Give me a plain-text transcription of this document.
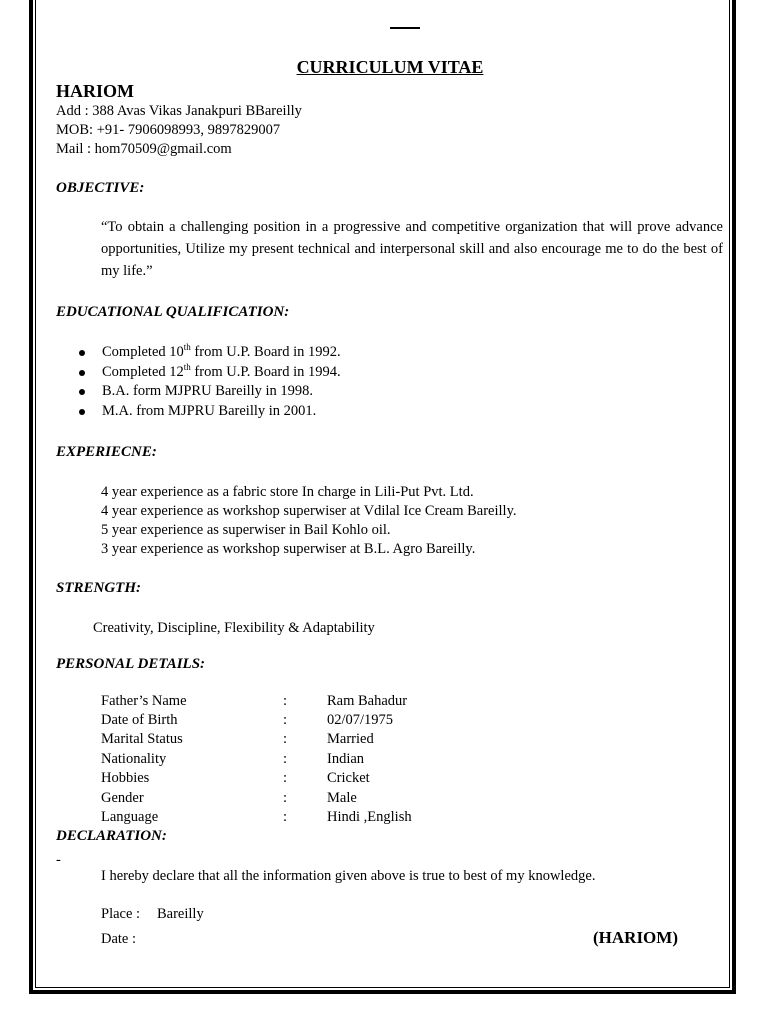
CURRICULUM VITAE
HARIOM
Add : 388 Avas Vikas Janakpuri BBareilly
MOB: +91- 7906098993, 9897829007
Mail : hom70509@gmail.com
OBJECTIVE:
“To obtain a challenging position in a progressive and competitive organization that will prove advance opportunities, Utilize my present technical and interpersonal skill and also encourage me to do the best of my life.”
EDUCATIONAL QUALIFICATION:
Completed 10th from U.P. Board in 1992.
Completed 12th from U.P. Board in 1994.
B.A. form MJPRU Bareilly in 1998.
M.A. from MJPRU Bareilly in 2001.
EXPERIECNE:
4 year experience as a fabric store In charge in Lili-Put Pvt. Ltd.
4 year experience as workshop superwiser at Vdilal Ice Cream Bareilly.
5 year experience as superwiser in Bail Kohlo oil.
3 year experience as workshop superwiser at B.L. Agro Bareilly.
STRENGTH:
Creativity, Discipline, Flexibility & Adaptability
PERSONAL DETAILS:
Father’s Name	:	Ram Bahadur
Date of Birth	:	02/07/1975
Marital Status	:	Married
Nationality	:	Indian
Hobbies	:	Cricket
Gender	:	Male
Language	:	Hindi ,English
DECLARATION:
-
I hereby declare that all the information given above is true to best of my knowledge.
Place : Bareilly
Date :	(HARIOM)
